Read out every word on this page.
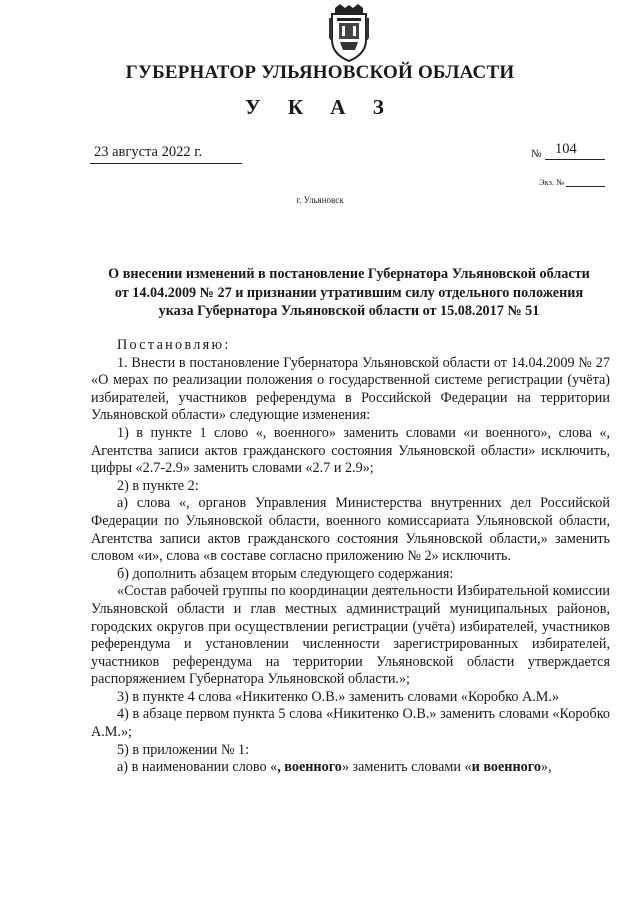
ГУБЕРНАТОР УЛЬЯНОВСКОЙ ОБЛАСТИ
У К А З
23 августа 2022 г.	№ 104
Экз. №
г. Ульяновск
О внесении изменений в постановление Губернатора Ульяновской области
от 14.04.2009 № 27 и признании утратившим силу отдельного положения
указа Губернатора Ульяновской области от 15.08.2017 № 51

Постановляю:

1. Внести в постановление Губернатора Ульяновской области от 14.04.2009 № 27 «О мерах по реализации положения о государственной системе регистрации (учёта) избирателей, участников референдума в Российской Федерации на территории Ульяновской области» следующие изменения:

1) в пункте 1 слово «, военного» заменить словами «и военного», слова «, Агентства записи актов гражданского состояния Ульяновской области» исключить, цифры «2.7-2.9» заменить словами «2.7 и 2.9»;

2) в пункте 2:

а) слова «, органов Управления Министерства внутренних дел Российской Федерации по Ульяновской области, военного комиссариата Ульяновской области, Агентства записи актов гражданского состояния Ульяновской области,» заменить словом «и», слова «в составе согласно приложению № 2» исключить.

б) дополнить абзацем вторым следующего содержания:

«Состав рабочей группы по координации деятельности Избирательной комиссии Ульяновской области и глав местных администраций муниципальных районов, городских округов при осуществлении регистрации (учёта) избирателей, участников референдума и установлении численности зарегистрированных избирателей, участников референдума на территории Ульяновской области утверждается распоряжением Губернатора Ульяновской области.»;

3) в пункте 4 слова «Никитенко О.В.» заменить словами «Коробко А.М.»

4) в абзаце первом пункта 5 слова «Никитенко О.В.» заменить словами «Коробко А.М.»;

5) в приложении № 1:

а) в наименовании слово «, военного» заменить словами «и военного»,
